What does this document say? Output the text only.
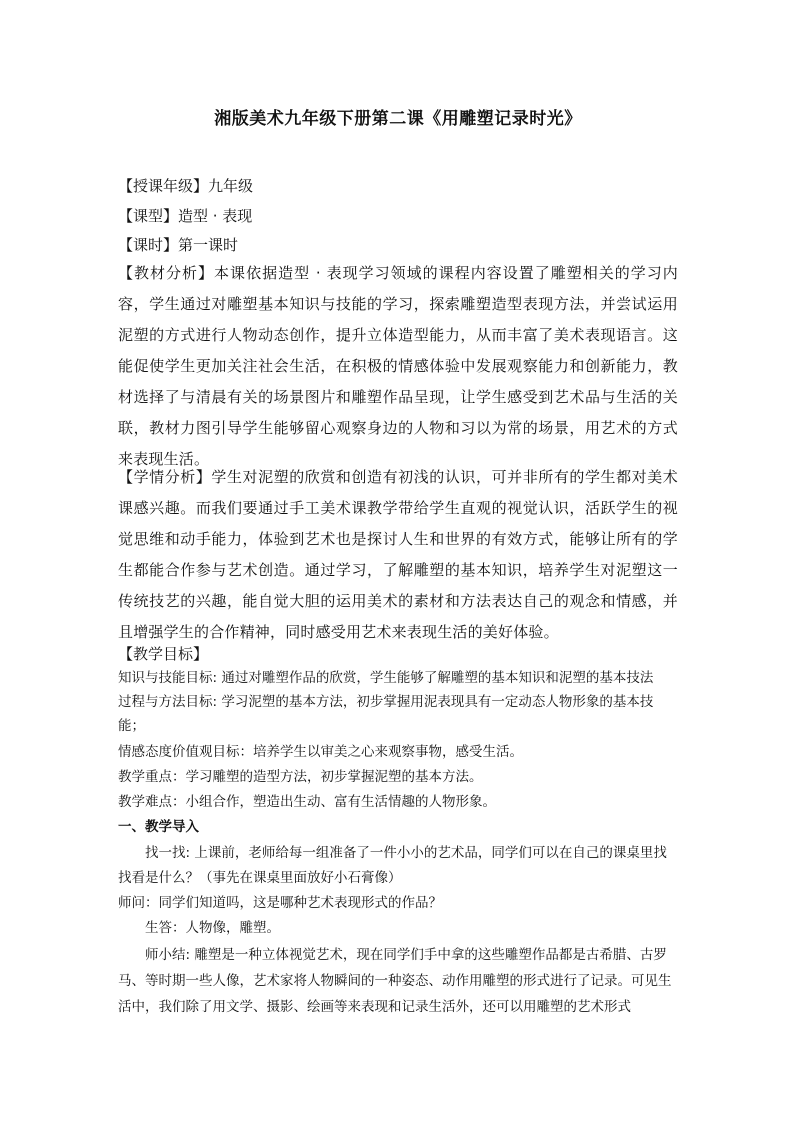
湘版美术九年级下册第二课《用雕塑记录时光》
【授课年级】九年级
【课型】造型 · 表现
【课时】第一课时
【教材分析】本课依据造型 · 表现学习领域的课程内容设置了雕塑相关的学习内容，学生通过对雕塑基本知识与技能的学习，探索雕塑造型表现方法，并尝试运用泥塑的方式进行人物动态创作，提升立体造型能力，从而丰富了美术表现语言。这能促使学生更加关注社会生活，在积极的情感体验中发展观察能力和创新能力，教材选择了与清晨有关的场景图片和雕塑作品呈现，让学生感受到艺术品与生活的关联，教材力图引导学生能够留心观察身边的人物和习以为常的场景，用艺术的方式来表现生活。
【学情分析】学生对泥塑的欣赏和创造有初浅的认识，可并非所有的学生都对美术课感兴趣。而我们要通过手工美术课教学带给学生直观的视觉认识，活跃学生的视觉思维和动手能力，体验到艺术也是探讨人生和世界的有效方式，能够让所有的学生都能合作参与艺术创造。通过学习，了解雕塑的基本知识，培养学生对泥塑这一传统技艺的兴趣，能自觉大胆的运用美术的素材和方法表达自己的观念和情感，并且增强学生的合作精神，同时感受用艺术来表现生活的美好体验。
【教学目标】
知识与技能目标: 通过对雕塑作品的欣赏，学生能够了解雕塑的基本知识和泥塑的基本技法
过程与方法目标: 学习泥塑的基本方法，初步掌握用泥表现具有一定动态人物形象的基本技能；
情感态度价值观目标：培养学生以审美之心来观察事物，感受生活。
教学重点：学习雕塑的造型方法，初步掌握泥塑的基本方法。
教学难点：小组合作，塑造出生动、富有生活情趣的人物形象。
一、教学导入
找一找: 上课前，老师给每一组准备了一件小小的艺术品，同学们可以在自己的课桌里找找看是什么？（事先在课桌里面放好小石膏像）
师问：同学们知道吗，这是哪种艺术表现形式的作品？
生答：人物像，雕塑。
师小结: 雕塑是一种立体视觉艺术，现在同学们手中拿的这些雕塑作品都是古希腊、古罗马、等时期一些人像，艺术家将人物瞬间的一种姿态、动作用雕塑的形式进行了记录。可见生活中，我们除了用文学、摄影、绘画等来表现和记录生活外，还可以用雕塑的艺术形式
